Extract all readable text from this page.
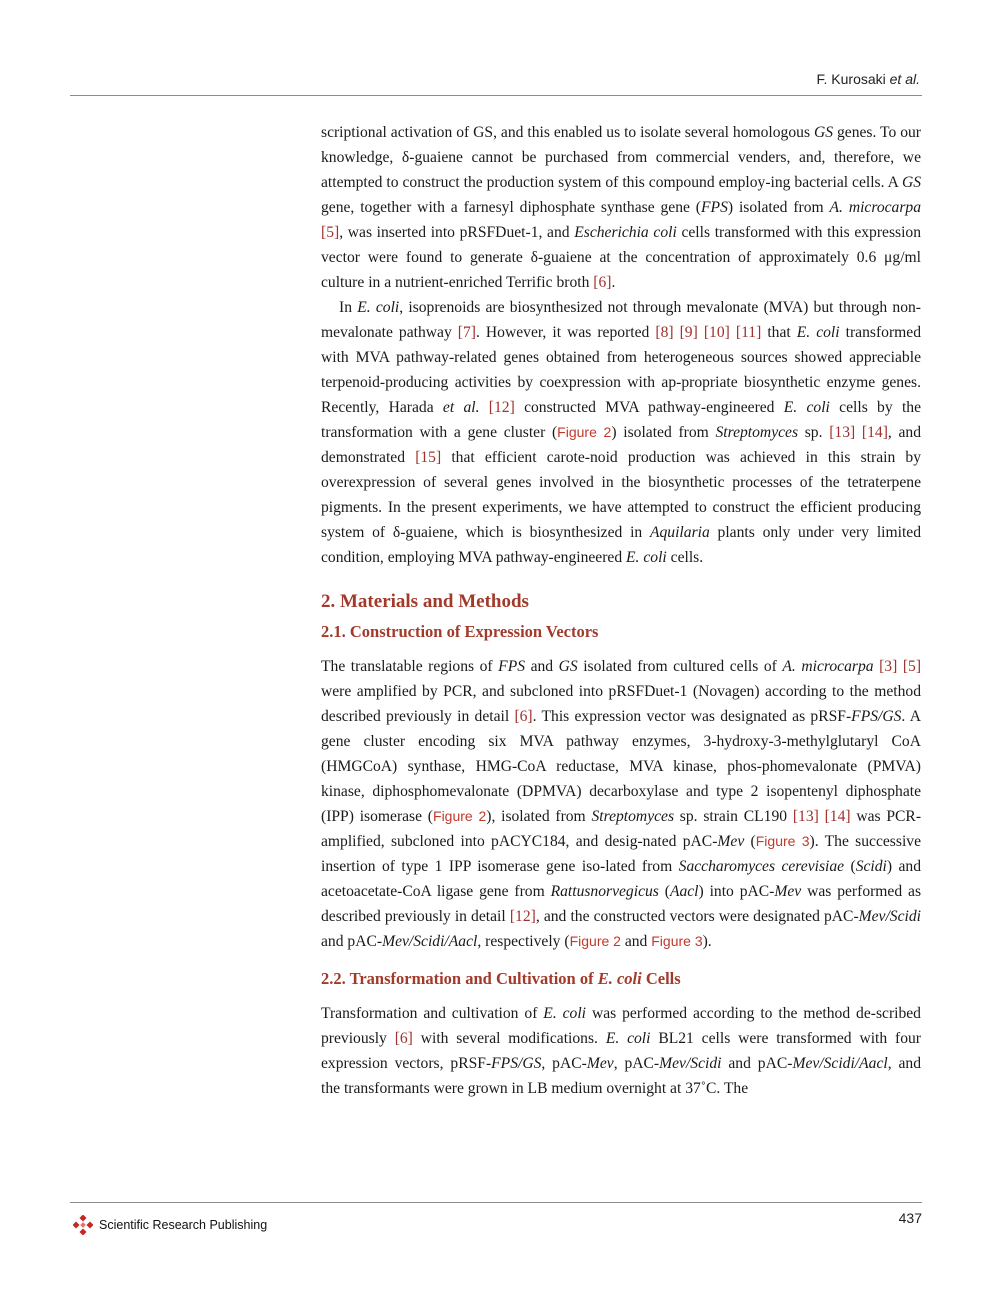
F. Kurosaki et al.

scriptional activation of GS, and this enabled us to isolate several homologous GS genes. To our knowledge, δ-guaiene cannot be purchased from commercial venders, and, therefore, we attempted to construct the production system of this compound employ-ing bacterial cells. A GS gene, together with a farnesyl diphosphate synthase gene (FPS) isolated from A. microcarpa [5], was inserted into pRSFDuet-1, and Escherichia coli cells transformed with this expression vector were found to generate δ-guaiene at the concentration of approximately 0.6 μg/ml culture in a nutrient-enriched Terrific broth [6].

In E. coli, isoprenoids are biosynthesized not through mevalonate (MVA) but through non-mevalonate pathway [7]. However, it was reported [8] [9] [10] [11] that E. coli transformed with MVA pathway-related genes obtained from heterogeneous sources showed appreciable terpenoid-producing activities by coexpression with ap-propriate biosynthetic enzyme genes. Recently, Harada et al. [12] constructed MVA pathway-engineered E. coli cells by the transformation with a gene cluster (Figure 2) isolated from Streptomyces sp. [13] [14], and demonstrated [15] that efficient carote-noid production was achieved in this strain by overexpression of several genes involved in the biosynthetic processes of the tetraterpene pigments. In the present experiments, we have attempted to construct the efficient producing system of δ-guaiene, which is biosynthesized in Aquilaria plants only under very limited condition, employing MVA pathway-engineered E. coli cells.

2. Materials and Methods
2.1. Construction of Expression Vectors

The translatable regions of FPS and GS isolated from cultured cells of A. microcarpa [3] [5] were amplified by PCR, and subcloned into pRSFDuet-1 (Novagen) according to the method described previously in detail [6]. This expression vector was designated as pRSF-FPS/GS. A gene cluster encoding six MVA pathway enzymes, 3-hydroxy-3-methylglutaryl CoA (HMGCoA) synthase, HMG-CoA reductase, MVA kinase, phos-phomevalonate (PMVA) kinase, diphosphomevalonate (DPMVA) decarboxylase and type 2 isopentenyl diphosphate (IPP) isomerase (Figure 2), isolated from Streptomyces sp. strain CL190 [13] [14] was PCR-amplified, subcloned into pACYC184, and desig-nated pAC-Mev (Figure 3). The successive insertion of type 1 IPP isomerase gene iso-lated from Saccharomyces cerevisiae (Scidi) and acetoacetate-CoA ligase gene from Rattusnorvegicus (Aacl) into pAC-Mev was performed as described previously in detail [12], and the constructed vectors were designated pAC-Mev/Scidi and pAC-Mev/Scidi/Aacl, respectively (Figure 2 and Figure 3).

2.2. Transformation and Cultivation of E. coli Cells

Transformation and cultivation of E. coli was performed according to the method de-scribed previously [6] with several modifications. E. coli BL21 cells were transformed with four expression vectors, pRSF-FPS/GS, pAC-Mev, pAC-Mev/Scidi and pAC-Mev/Scidi/Aacl, and the transformants were grown in LB medium overnight at 37˚C. The

Scientific Research Publishing	437
